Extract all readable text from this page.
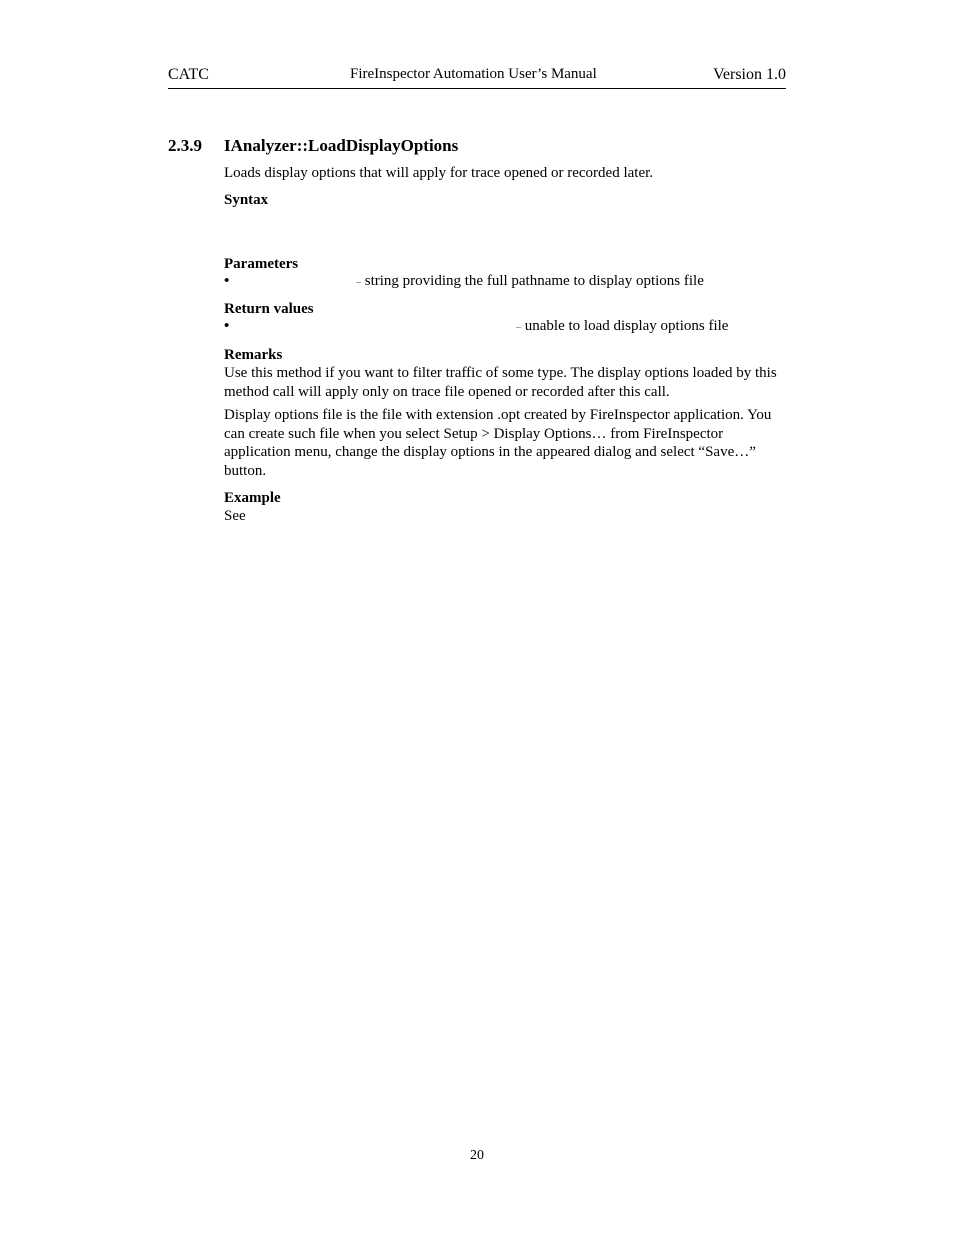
CATC	FireInspector Automation User’s Manual	Version 1.0
2.3.9 IAnalyzer::LoadDisplayOptions
Loads display options that will apply for trace opened or recorded later.
Syntax
Parameters
•	– string providing the full pathname to display options file
Return values
•	– unable to load display options file
Remarks
Use this method if you want to filter traffic of some type. The display options loaded by this method call will apply only on trace file opened or recorded after this call.
Display options file is the file with extension .opt created by FireInspector application. You can create such file when you select Setup > Display Options… from FireInspector application menu, change the display options in the appeared dialog and select “Save…” button.
Example
See
20
